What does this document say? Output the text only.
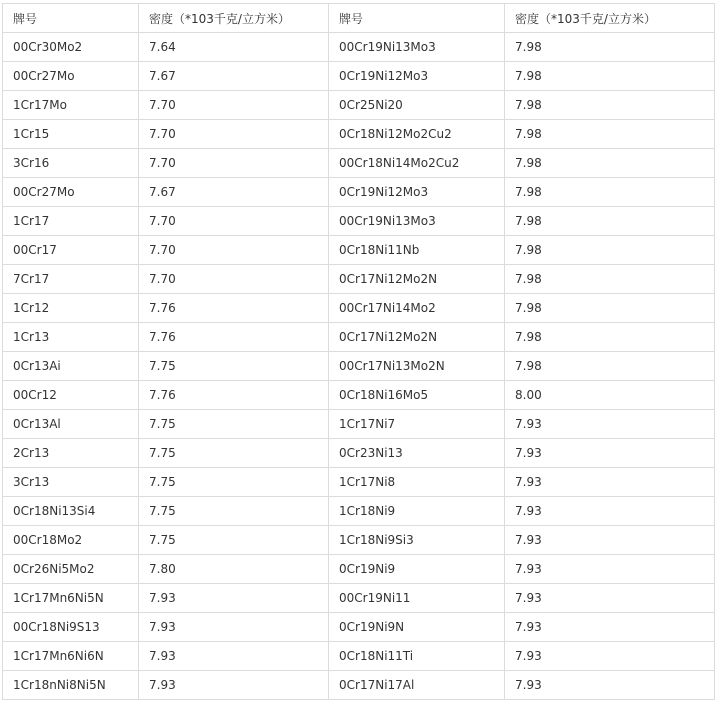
牌号	密度（*103千克/立方米）	牌号	密度（*103千克/立方米）
00Cr30Mo2	7.64	00Cr19Ni13Mo3	7.98
00Cr27Mo	7.67	0Cr19Ni12Mo3	7.98
1Cr17Mo	7.70	0Cr25Ni20	7.98
1Cr15	7.70	0Cr18Ni12Mo2Cu2	7.98
3Cr16	7.70	00Cr18Ni14Mo2Cu2	7.98
00Cr27Mo	7.67	0Cr19Ni12Mo3	7.98
1Cr17	7.70	00Cr19Ni13Mo3	7.98
00Cr17	7.70	0Cr18Ni11Nb	7.98
7Cr17	7.70	0Cr17Ni12Mo2N	7.98
1Cr12	7.76	00Cr17Ni14Mo2	7.98
1Cr13	7.76	0Cr17Ni12Mo2N	7.98
0Cr13Ai	7.75	00Cr17Ni13Mo2N	7.98
00Cr12	7.76	0Cr18Ni16Mo5	8.00
0Cr13Al	7.75	1Cr17Ni7	7.93
2Cr13	7.75	0Cr23Ni13	7.93
3Cr13	7.75	1Cr17Ni8	7.93
0Cr18Ni13Si4	7.75	1Cr18Ni9	7.93
00Cr18Mo2	7.75	1Cr18Ni9Si3	7.93
0Cr26Ni5Mo2	7.80	0Cr19Ni9	7.93
1Cr17Mn6Ni5N	7.93	00Cr19Ni11	7.93
00Cr18Ni9S13	7.93	0Cr19Ni9N	7.93
1Cr17Mn6Ni6N	7.93	0Cr18Ni11Ti	7.93
1Cr18nNi8Ni5N	7.93	0Cr17Ni17Al	7.93
